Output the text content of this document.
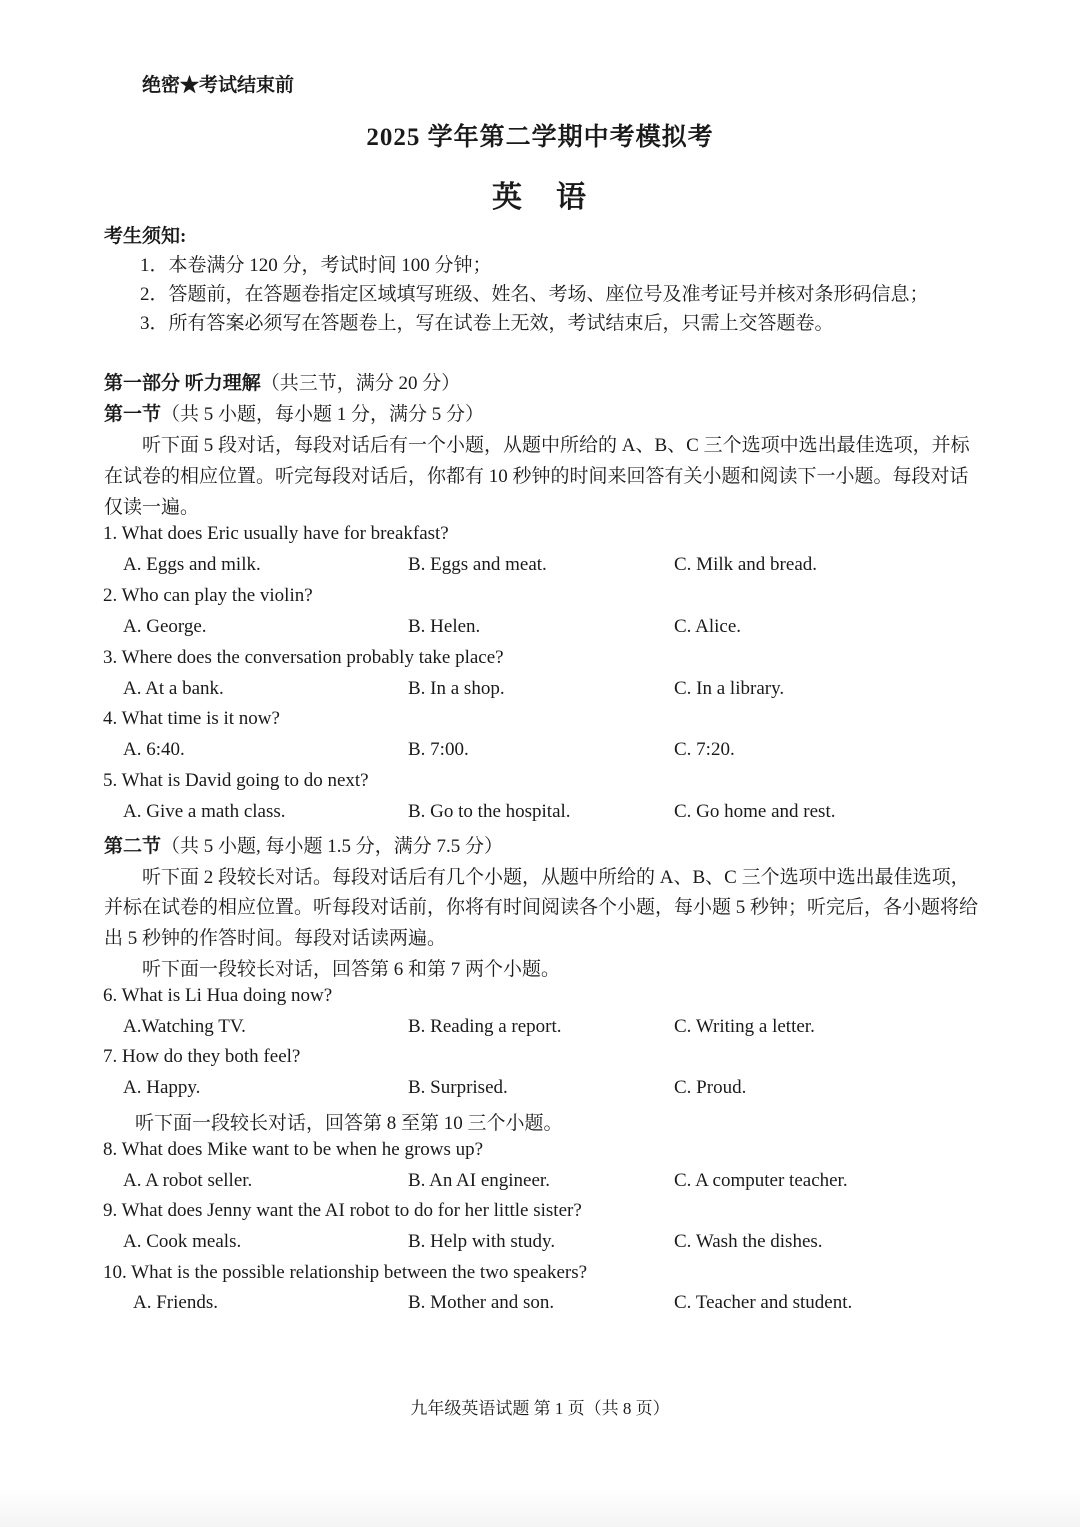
绝密★考试结束前
2025 学年第二学期中考模拟考
英　语
考生须知:
1．本卷满分 120 分，考试时间 100 分钟；
2．答题前，在答题卷指定区域填写班级、姓名、考场、座位号及准考证号并核对条形码信息；
3．所有答案必须写在答题卷上，写在试卷上无效，考试结束后，只需上交答题卷。
第一部分 听力理解（共三节，满分 20 分）
第一节（共 5 小题，每小题 1 分，满分 5 分）
听下面 5 段对话，每段对话后有一个小题，从题中所给的 A、B、C 三个选项中选出最佳选项，并标
在试卷的相应位置。听完每段对话后，你都有 10 秒钟的时间来回答有关小题和阅读下一小题。每段对话
仅读一遍。
1. What does Eric usually have for breakfast?
A. Eggs and milk.	B. Eggs and meat.	C. Milk and bread.
2. Who can play the violin?
A. George.	B. Helen.	C. Alice.
3. Where does the conversation probably take place?
A. At a bank.	B. In a shop.	C. In a library.
4. What time is it now?
A. 6:40.	B. 7:00.	C. 7:20.
5. What is David going to do next?
A. Give a math class.	B. Go to the hospital.	C. Go home and rest.
第二节（共 5 小题, 每小题 1.5 分，满分 7.5 分）
听下面 2 段较长对话。每段对话后有几个小题，从题中所给的 A、B、C 三个选项中选出最佳选项，
并标在试卷的相应位置。听每段对话前，你将有时间阅读各个小题，每小题 5 秒钟；听完后，各小题将给
出 5 秒钟的作答时间。每段对话读两遍。
听下面一段较长对话，回答第 6 和第 7 两个小题。
6. What is Li Hua doing now?
A.Watching TV.	B. Reading a report.	C. Writing a letter.
7. How do they both feel?
A. Happy.	B. Surprised.	C. Proud.
听下面一段较长对话，回答第 8 至第 10 三个小题。
8. What does Mike want to be when he grows up?
A. A robot seller.	B. An AI engineer.	C. A computer teacher.
9. What does Jenny want the AI robot to do for her little sister?
A. Cook meals.	B. Help with study.	C. Wash the dishes.
10. What is the possible relationship between the two speakers?
A. Friends.	B. Mother and son.	C. Teacher and student.
九年级英语试题 第 1 页（共 8 页）
